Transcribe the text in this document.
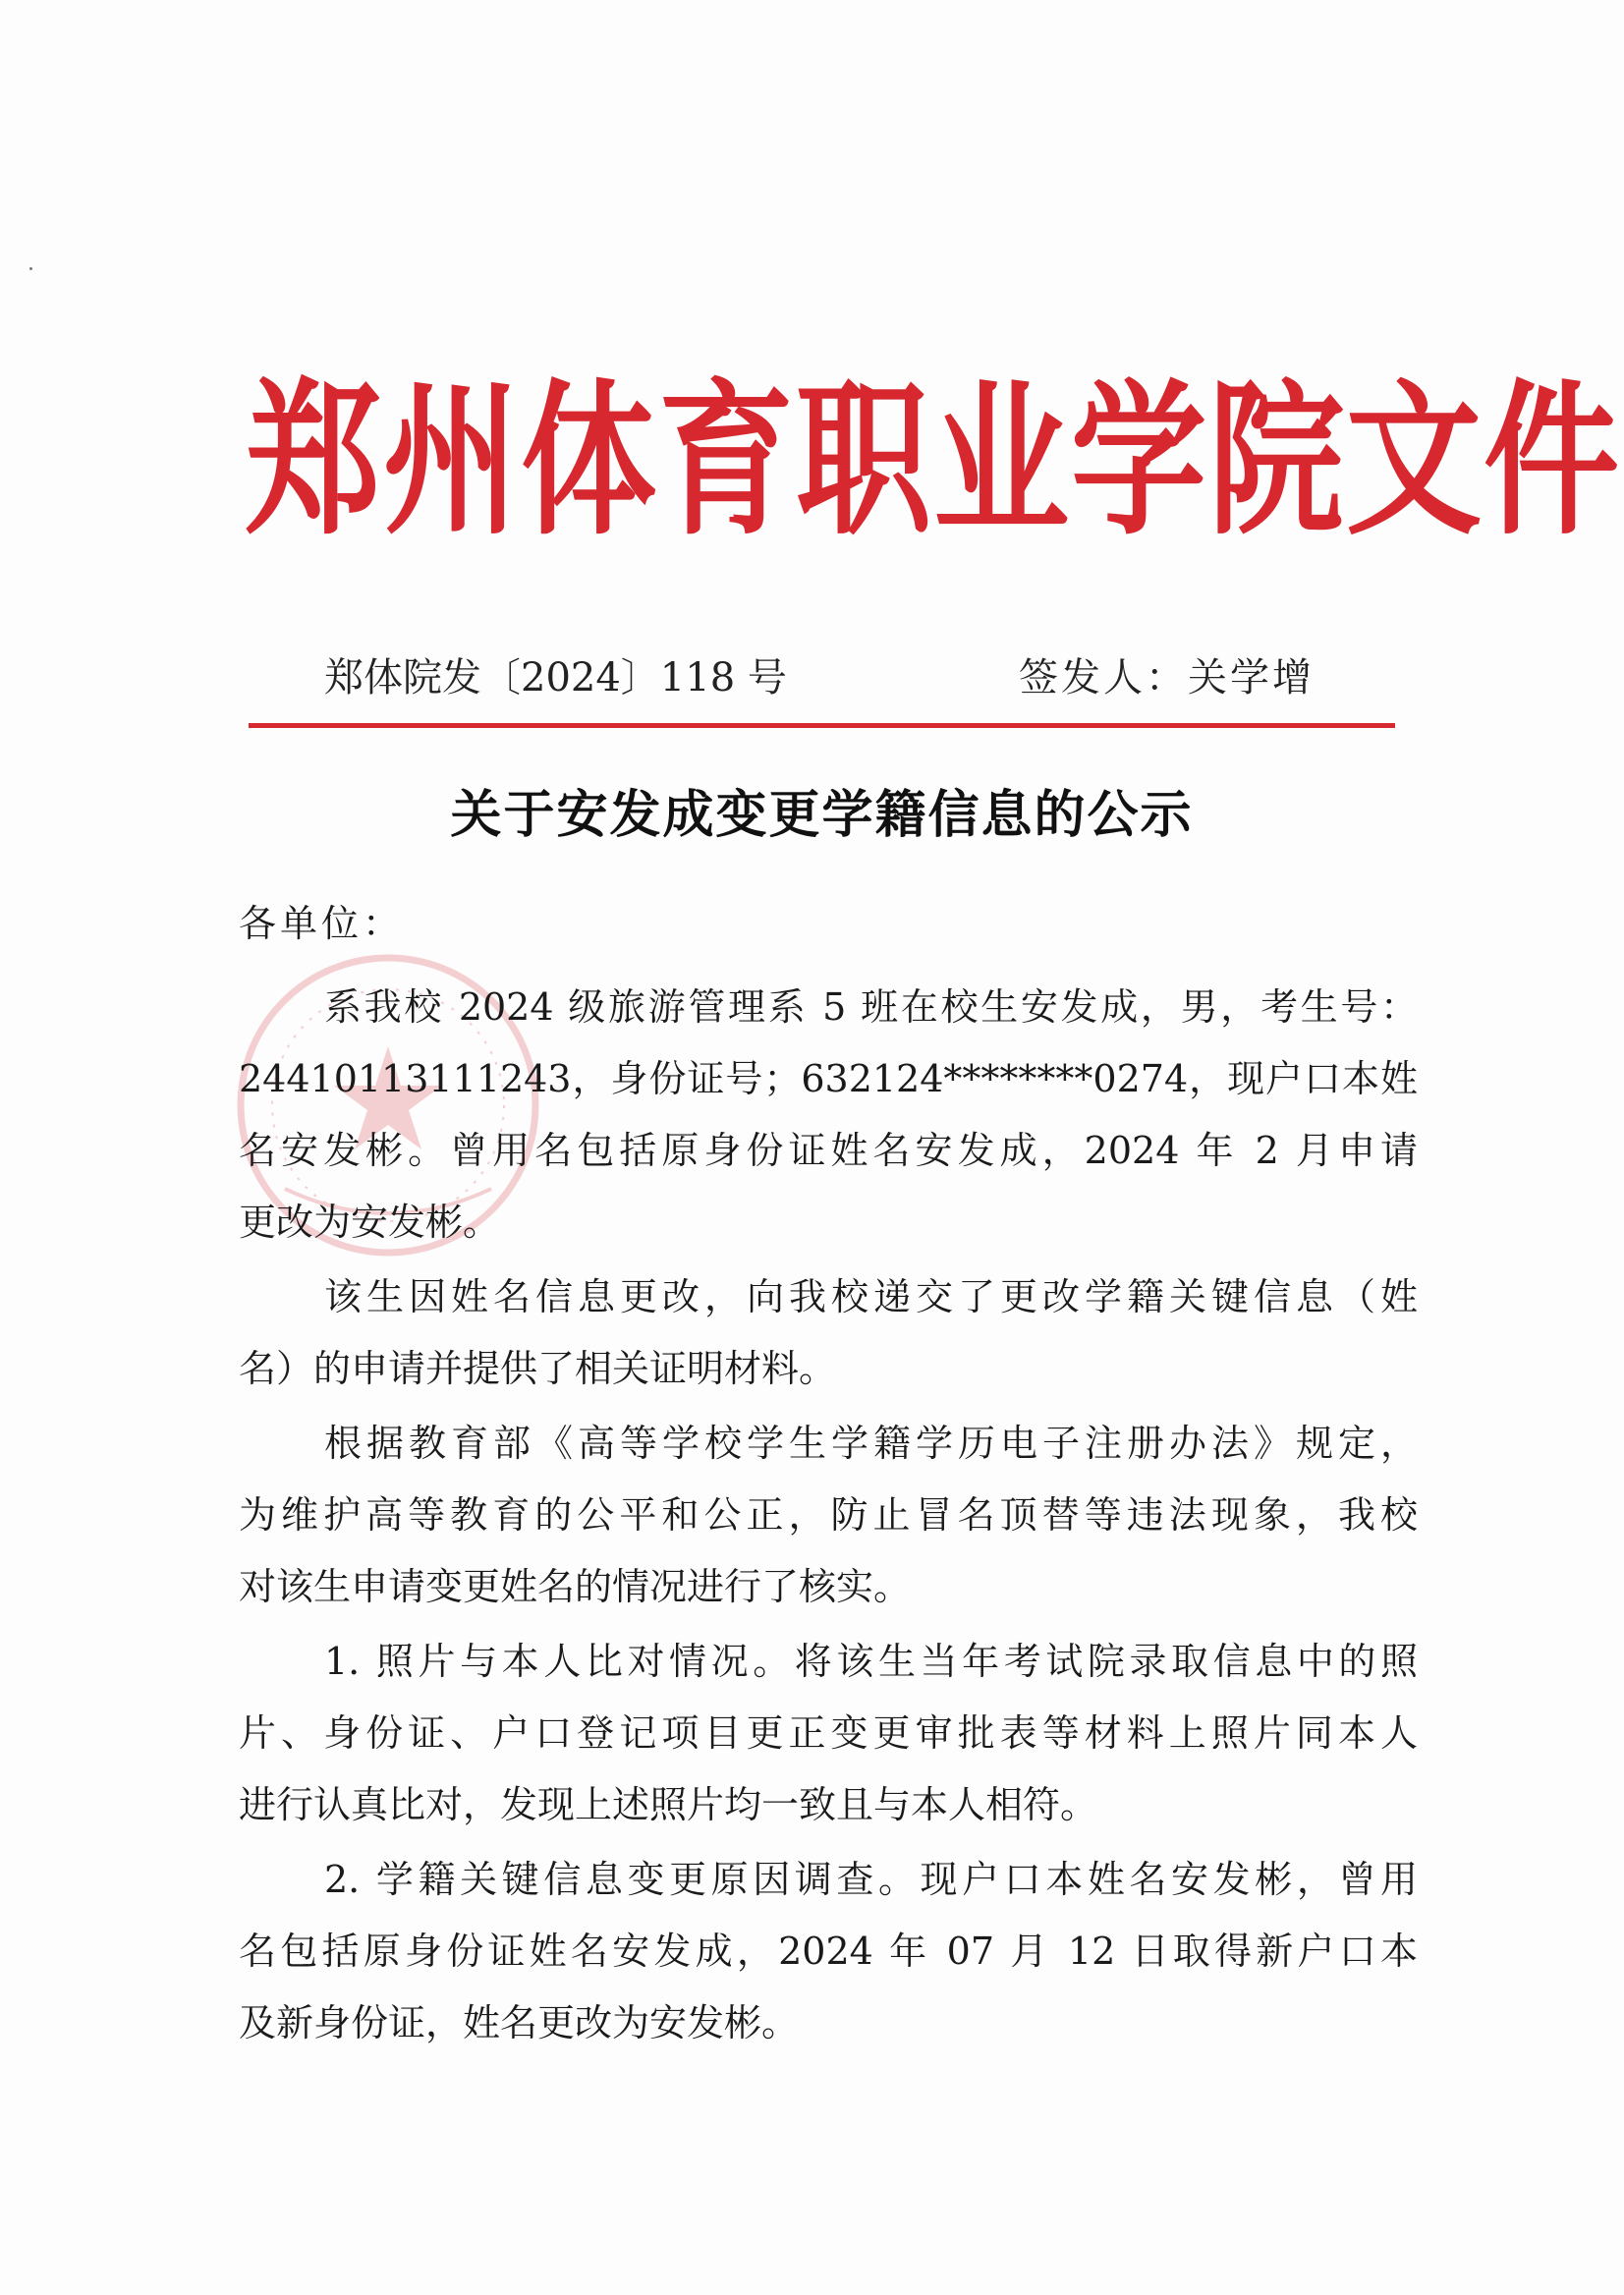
郑州体育职业学院文件
郑体院发〔2024〕118 号	签发人：关学增
关于安发成变更学籍信息的公示
各单位：
系我校 2024 级旅游管理系 5 班在校生安发成，男，考生号：
24410113111243，身份证号；632124********0274，现户口本姓
名安发彬。曾用名包括原身份证姓名安发成，2024 年 2 月申请
更改为安发彬。
该生因姓名信息更改，向我校递交了更改学籍关键信息（姓
名）的申请并提供了相关证明材料。
根据教育部《高等学校学生学籍学历电子注册办法》规定，
为维护高等教育的公平和公正，防止冒名顶替等违法现象，我校
对该生申请变更姓名的情况进行了核实。
1. 照片与本人比对情况。将该生当年考试院录取信息中的照
片、身份证、户口登记项目更正变更审批表等材料上照片同本人
进行认真比对，发现上述照片均一致且与本人相符。
2. 学籍关键信息变更原因调查。现户口本姓名安发彬，曾用
名包括原身份证姓名安发成，2024 年 07 月 12 日取得新户口本
及新身份证，姓名更改为安发彬。
